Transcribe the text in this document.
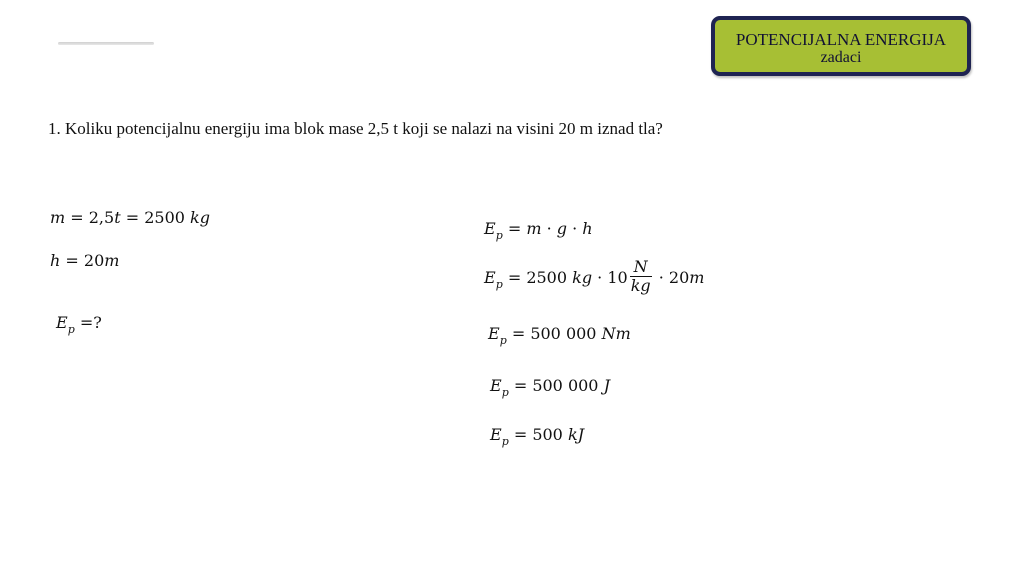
POTENCIJALNA ENERGIJA
zadaci
1. Koliku potencijalnu energiju ima blok mase 2,5 t koji se nalazi na visini 20 m iznad tla?
m = 2,5t = 2500 kg
h = 20m
$E_p$ =?
$E_p = m \cdot g \cdot h$
$E_p = 2500$ kg · $10 \frac{N}{kg} \cdot 20m$
$E_p = 500$ 000 Nm
$E_p = 500$ 000 J
$E_p = 500$ kJ
